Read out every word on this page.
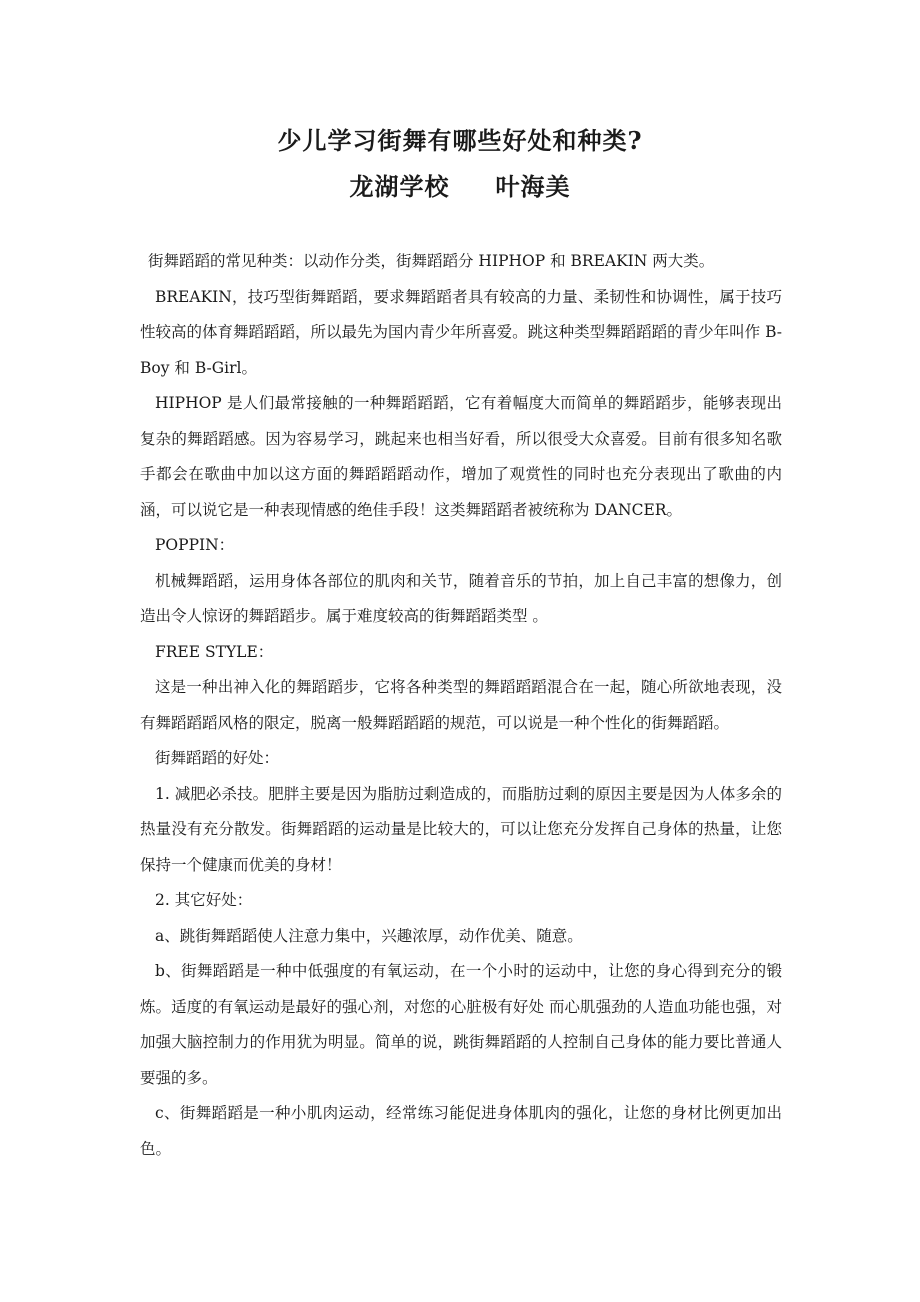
少儿学习街舞有哪些好处和种类?
龙湖学校 叶海美

街舞蹈蹈的常见种类：以动作分类，街舞蹈蹈分 HIPHOP 和 BREAKIN 两大类。

BREAKIN，技巧型街舞蹈蹈，要求舞蹈蹈者具有较高的力量、柔韧性和协调性，属于技巧性较高的体育舞蹈蹈蹈，所以最先为国内青少年所喜爱。跳这种类型舞蹈蹈蹈的青少年叫作 B-Boy 和 B-Girl。

HIPHOP 是人们最常接触的一种舞蹈蹈蹈，它有着幅度大而简单的舞蹈蹈步，能够表现出复杂的舞蹈蹈感。因为容易学习，跳起来也相当好看，所以很受大众喜爱。目前有很多知名歌手都会在歌曲中加以这方面的舞蹈蹈蹈动作，增加了观赏性的同时也充分表现出了歌曲的内涵，可以说它是一种表现情感的绝佳手段！这类舞蹈蹈者被统称为 DANCER。

POPPIN：

机械舞蹈蹈，运用身体各部位的肌肉和关节，随着音乐的节拍，加上自己丰富的想像力，创造出令人惊讶的舞蹈蹈步。属于难度较高的街舞蹈蹈类型 。

FREE STYLE：

这是一种出神入化的舞蹈蹈步，它将各种类型的舞蹈蹈蹈混合在一起，随心所欲地表现，没有舞蹈蹈蹈风格的限定，脱离一般舞蹈蹈蹈的规范，可以说是一种个性化的街舞蹈蹈。

街舞蹈蹈的好处：

1. 减肥必杀技。肥胖主要是因为脂肪过剩造成的，而脂肪过剩的原因主要是因为人体多余的热量没有充分散发。街舞蹈蹈的运动量是比较大的，可以让您充分发挥自己身体的热量，让您保持一个健康而优美的身材！

2. 其它好处：

a、跳街舞蹈蹈使人注意力集中，兴趣浓厚，动作优美、随意。

b、街舞蹈蹈是一种中低强度的有氧运动，在一个小时的运动中，让您的身心得到充分的锻炼。适度的有氧运动是最好的强心剂，对您的心脏极有好处 而心肌强劲的人造血功能也强，对加强大脑控制力的作用犹为明显。简单的说，跳街舞蹈蹈的人控制自己身体的能力要比普通人要强的多。

c、街舞蹈蹈是一种小肌肉运动，经常练习能促进身体肌肉的强化，让您的身材比例更加出色。
